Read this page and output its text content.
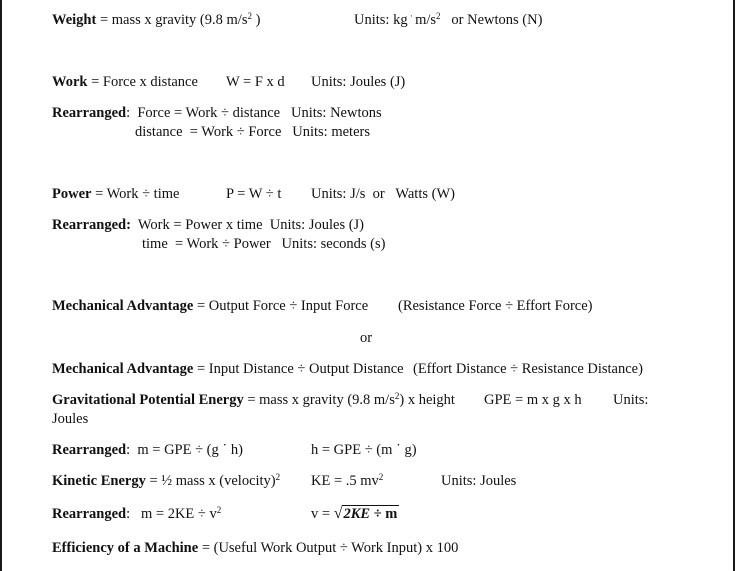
Weight = mass x gravity (9.8 $m/s^2$ )	Units: kg · $m/s^2$   or Newtons (N)
Work = Force x distance W = F x d Units: Joules (J)
Rearranged:  Force = Work ÷ distance   Units: Newtons
distance  = Work ÷ Force   Units: meters
Power = Work ÷ time	P = W ÷ t Units: J/s  or   Watts (W)
Rearranged:  Work = Power x time  Units: Joules (J)
time  = Work ÷ Power   Units: seconds (s)
Mechanical Advantage = Output Force ÷ Input Force (Resistance Force ÷ Effort Force)
or
Mechanical Advantage = Input Distance ÷ Output Distance (Effort Distance ÷ Resistance Distance)
Gravitational Potential Energy = mass x gravity (9.8 $m/s^2$) x height GPE = m x g x h Units:
Joules
Rearranged:  m = GPE ÷ (g ˙ h)	h = GPE ÷ (m ˙ g)
Kinetic Energy = ½ mass x (velocity)$^2$ KE = .5 $mv^2$	Units: Joules
Rearranged:   $m = 2KE \div v^2$	v = √2KE ÷ m
Efficiency of a Machine = (Useful Work Output ÷ Work Input) x 100
